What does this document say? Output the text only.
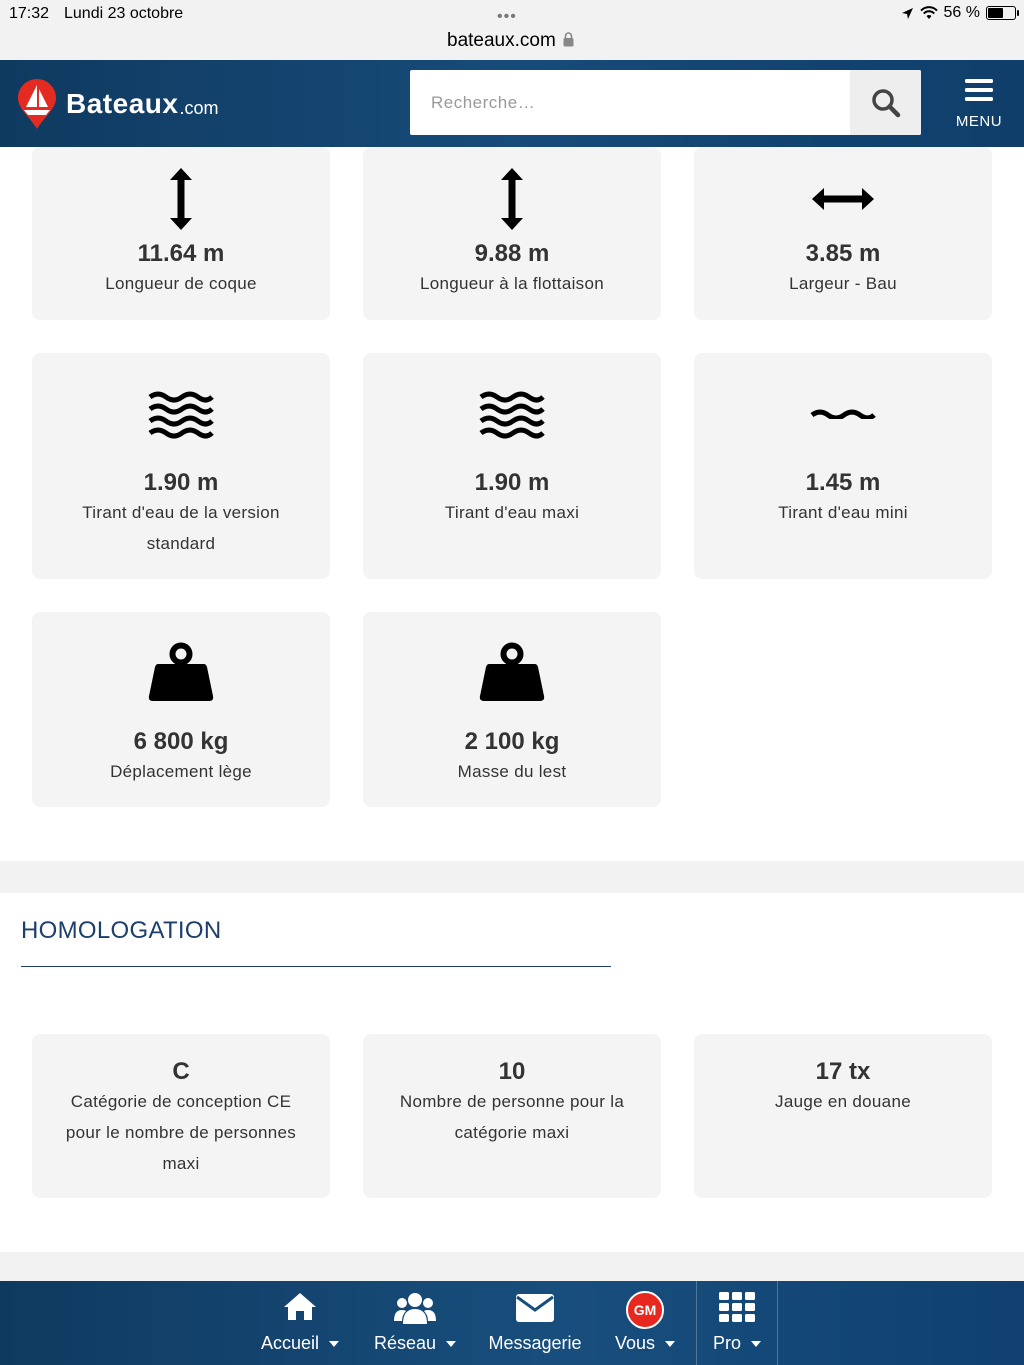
17:32 Lundi 23 octobre	•••
bateaux.com
56 %
Bateaux .com
Recherche…
MENU
11.64 m
Longueur de coque
9.88 m
Longueur à la flottaison
3.85 m
Largeur - Bau
1.90 m
Tirant d'eau de la version standard
1.90 m
Tirant d'eau maxi
1.45 m
Tirant d'eau mini
6 800 kg
Déplacement lège
2 100 kg
Masse du lest
HOMOLOGATION
C
Catégorie de conception CE pour le nombre de personnes maxi
10
Nombre de personne pour la catégorie maxi
17 tx
Jauge en douane
Accueil	Réseau	Messagerie
GM
Vous	Pro
